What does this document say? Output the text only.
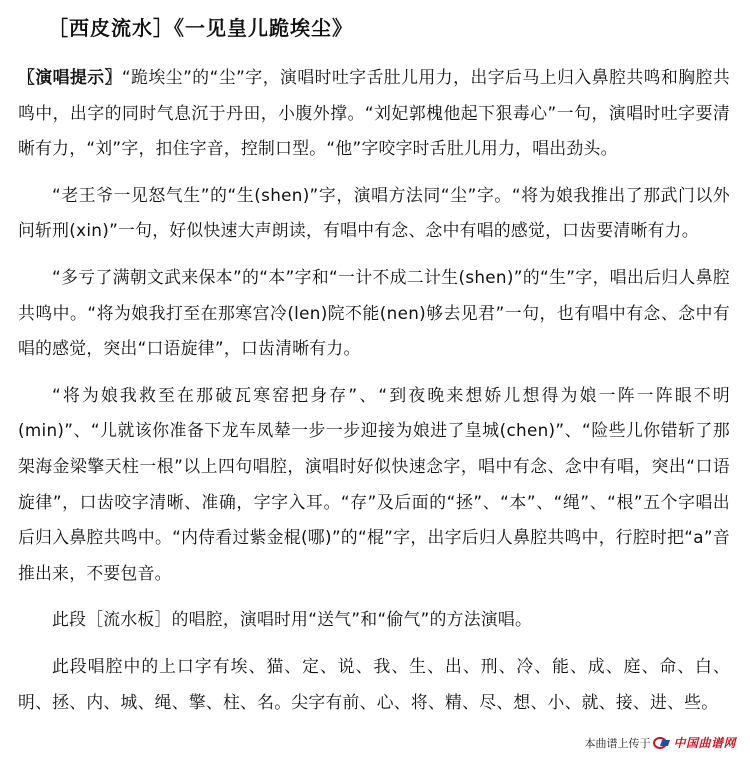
［西皮流水］《一见皇儿跪埃尘》

〖演唱提示〗“跪埃尘”的“尘”字，演唱时吐字舌肚儿用力，出字后马上归入鼻腔共鸣和胸腔共鸣中，出字的同时气息沉于丹田，小腹外撑。“刘妃郭槐他起下狠毒心”一句，演唱时吐字要清晰有力，“刘”字，扣住字音，控制口型。“他”字咬字时舌肚儿用力，唱出劲头。

“老王爷一见怒气生”的“生(shen)”字，演唱方法同“尘”字。“将为娘我推出了那武门以外问斩刑(xin)”一句，好似快速大声朗读，有唱中有念、念中有唱的感觉，口齿要清晰有力。

“多亏了满朝文武来保本”的“本”字和“一计不成二计生(shen)”的“生”字，唱出后归人鼻腔共鸣中。“将为娘我打至在那寒宫冷(len)院不能(nen)够去见君”一句，也有唱中有念、念中有唱的感觉，突出“口语旋律”，口齿清晰有力。

“将为娘我救至在那破瓦寒窑把身存”、“到夜晚来想娇儿想得为娘一阵一阵眼不明(min)”、“儿就该你准备下龙车凤辇一步一步迎接为娘进了皇城(chen)”、“险些儿你错斩了那架海金梁擎天柱一根”以上四句唱腔，演唱时好似快速念字，唱中有念、念中有唱，突出“口语旋律”，口齿咬字清晰、准确，字字入耳。“存”及后面的“拯”、“本”、“绳”、“根”五个字唱出后归入鼻腔共鸣中。“内侍看过紫金棍(哪)”的“棍”字，出字后归人鼻腔共鸣中，行腔时把“a”音推出来，不要包音。

此段［流水板］的唱腔，演唱时用“送气”和“偷气”的方法演唱。

此段唱腔中的上口字有埃、猫、定、说、我、生、出、刑、冷、能、成、庭、命、白、明、拯、内、城、绳、擎、柱、名。尖字有前、心、将、精、尽、想、小、就、接、进、些。

本曲谱上传于 中国曲谱网
